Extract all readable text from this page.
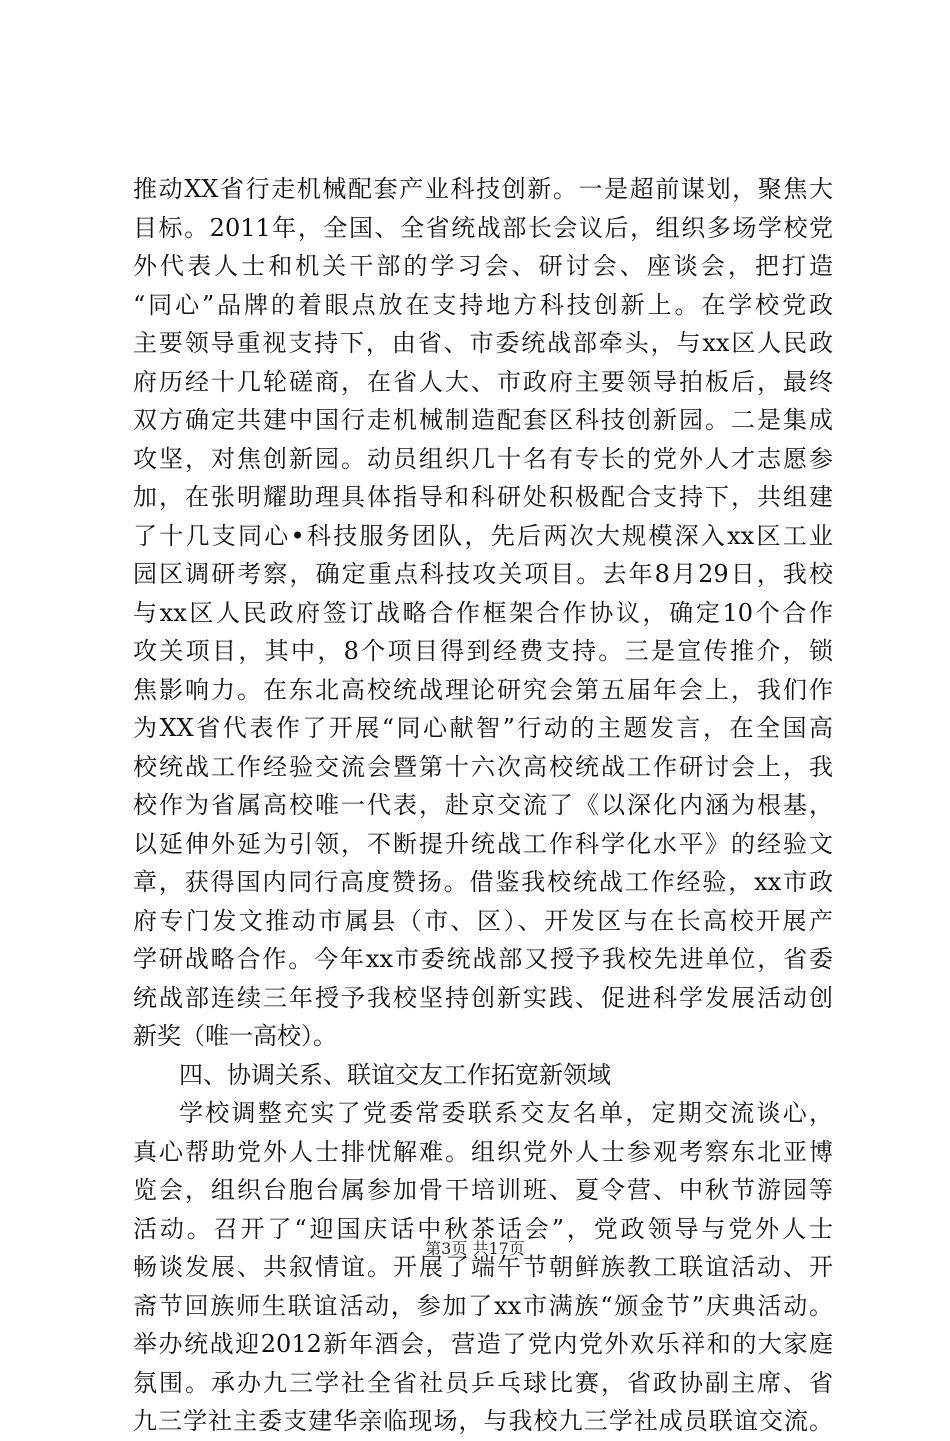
推动XX省行走机械配套产业科技创新。一是超前谋划，聚焦大
目标。2011年，全国、全省统战部长会议后，组织多场学校党
外代表人士和机关干部的学习会、研讨会、座谈会，把打造
“同心”品牌的着眼点放在支持地方科技创新上。在学校党政
主要领导重视支持下，由省、市委统战部牵头，与xx区人民政
府历经十几轮磋商，在省人大、市政府主要领导拍板后，最终
双方确定共建中国行走机械制造配套区科技创新园。二是集成
攻坚，对焦创新园。动员组织几十名有专长的党外人才志愿参
加，在张明耀助理具体指导和科研处积极配合支持下，共组建
了十几支同心•科技服务团队，先后两次大规模深入xx区工业
园区调研考察，确定重点科技攻关项目。去年8月29日，我校
与xx区人民政府签订战略合作框架合作协议，确定10个合作
攻关项目，其中，8个项目得到经费支持。三是宣传推介，锁
焦影响力。在东北高校统战理论研究会第五届年会上，我们作
为XX省代表作了开展“同心献智”行动的主题发言，在全国高
校统战工作经验交流会暨第十六次高校统战工作研讨会上，我
校作为省属高校唯一代表，赴京交流了《以深化内涵为根基，
以延伸外延为引领，不断提升统战工作科学化水平》的经验文
章，获得国内同行高度赞扬。借鉴我校统战工作经验，xx市政
府专门发文推动市属县（市、区）、开发区与在长高校开展产
学研战略合作。今年xx市委统战部又授予我校先进单位，省委
统战部连续三年授予我校坚持创新实践、促进科学发展活动创
新奖（唯一高校）。
四、协调关系、联谊交友工作拓宽新领域
学校调整充实了党委常委联系交友名单，定期交流谈心，
真心帮助党外人士排忧解难。组织党外人士参观考察东北亚博
览会，组织台胞台属参加骨干培训班、夏令营、中秋节游园等
活动。召开了“迎国庆话中秋茶话会”，党政领导与党外人士
畅谈发展、共叙情谊。开展了端午节朝鲜族教工联谊活动、开
斋节回族师生联谊活动，参加了xx市满族“颁金节”庆典活动。
举办统战迎2012新年酒会，营造了党内党外欢乐祥和的大家庭
氛围。承办九三学社全省社员乒乓球比赛，省政协副主席、省
九三学社主委支建华亲临现场，与我校九三学社成员联谊交流。
第3页 共17页
